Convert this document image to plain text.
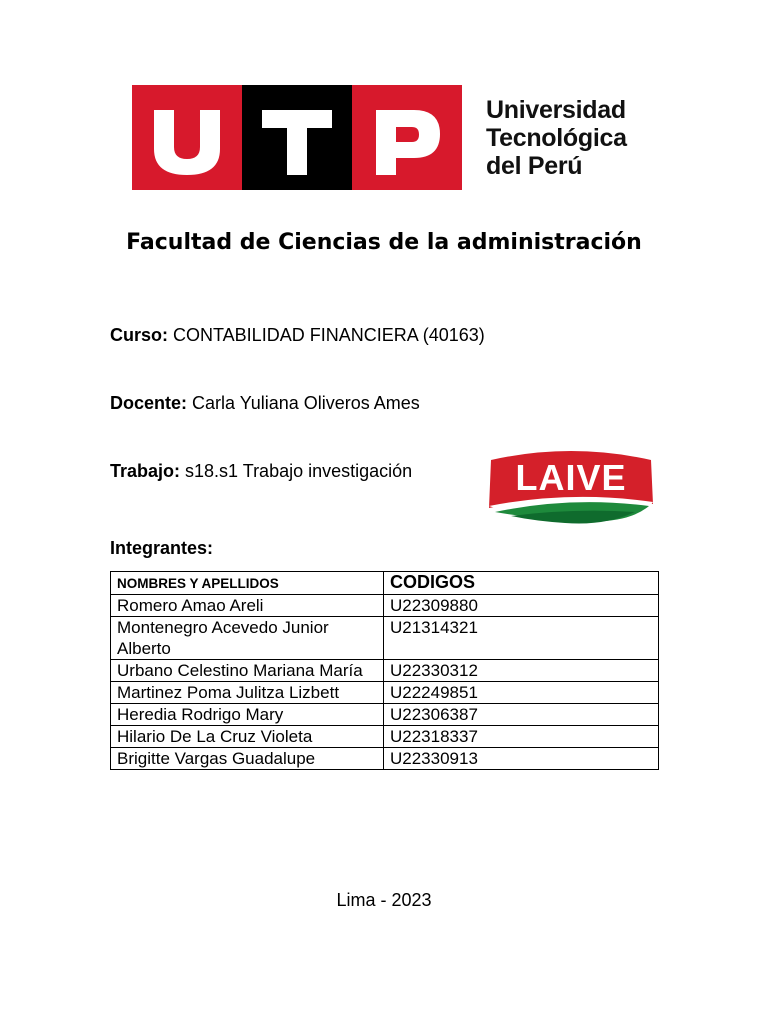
U	T	P
Universidad
Tecnológica
del Perú
Facultad de Ciencias de la administración
Curso: CONTABILIDAD FINANCIERA (40163)
Docente: Carla Yuliana Oliveros Ames
Trabajo: s18.s1 Trabajo investigación	LAIVE
Integrantes:
NOMBRES Y APELLIDOS	CODIGOS
Romero Amao Areli	U22309880
Montenegro Acevedo Junior Alberto	U21314321
Urbano Celestino Mariana María	U22330312
Martinez Poma Julitza Lizbett	U22249851
Heredia Rodrigo Mary	U22306387
Hilario De La Cruz Violeta	U22318337
Brigitte Vargas Guadalupe	U22330913
Lima - 2023
